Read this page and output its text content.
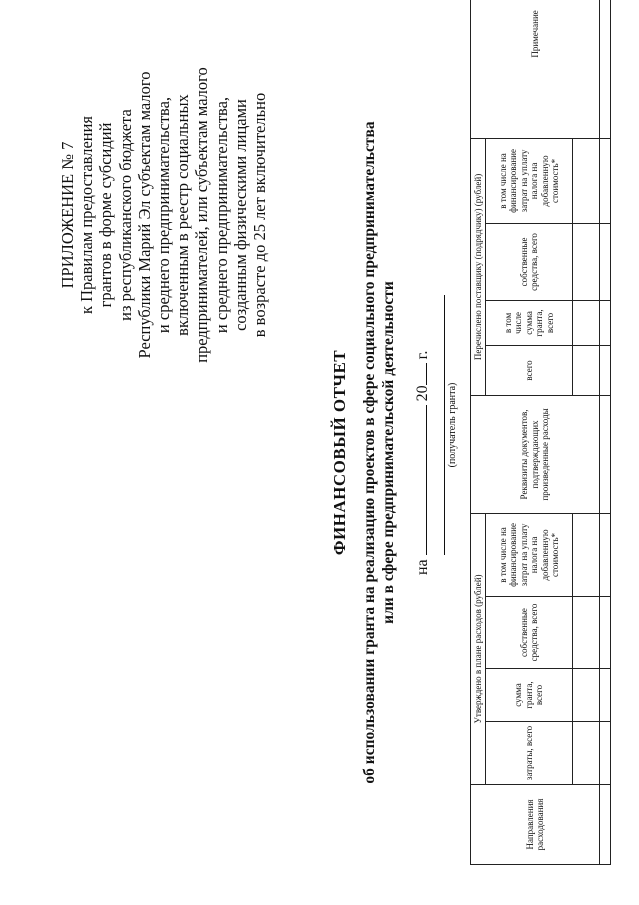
ПРИЛОЖЕНИЕ № 7 к Правилам предоставления грантов в форме субсидий из республиканского бюджета Республики Марий Эл субъектам малого и среднего предпринимательства, включенным в реестр социальных предпринимателей, или субъектам малого и среднего предпринимательства, созданным физическими лицами в возрасте до 25 лет включительно
ФИНАНСОВЫЙ ОТЧЕТ об использовании гранта на реализацию проектов в сфере социального предпринимательства или в сфере предпринимательской деятельности на  20 г.
(получатель гранта)
Направления расходования	Утверждено в плане расходов (рублей)				Реквизиты документов, подтверждающих произведенные расходы	Перечислено поставщику (подрядчику) (рублей)				Примечание
	затраты, всего	сумма гранта, всего	собственные средства, всего	в том числе на финансирование затрат на уплату налога на добавленную стоимость*		всего	в том числе сумма гранта, всего	собственные средства, всего	в том числе на финансирование затрат на уплату налога на добавленную стоимость*	
